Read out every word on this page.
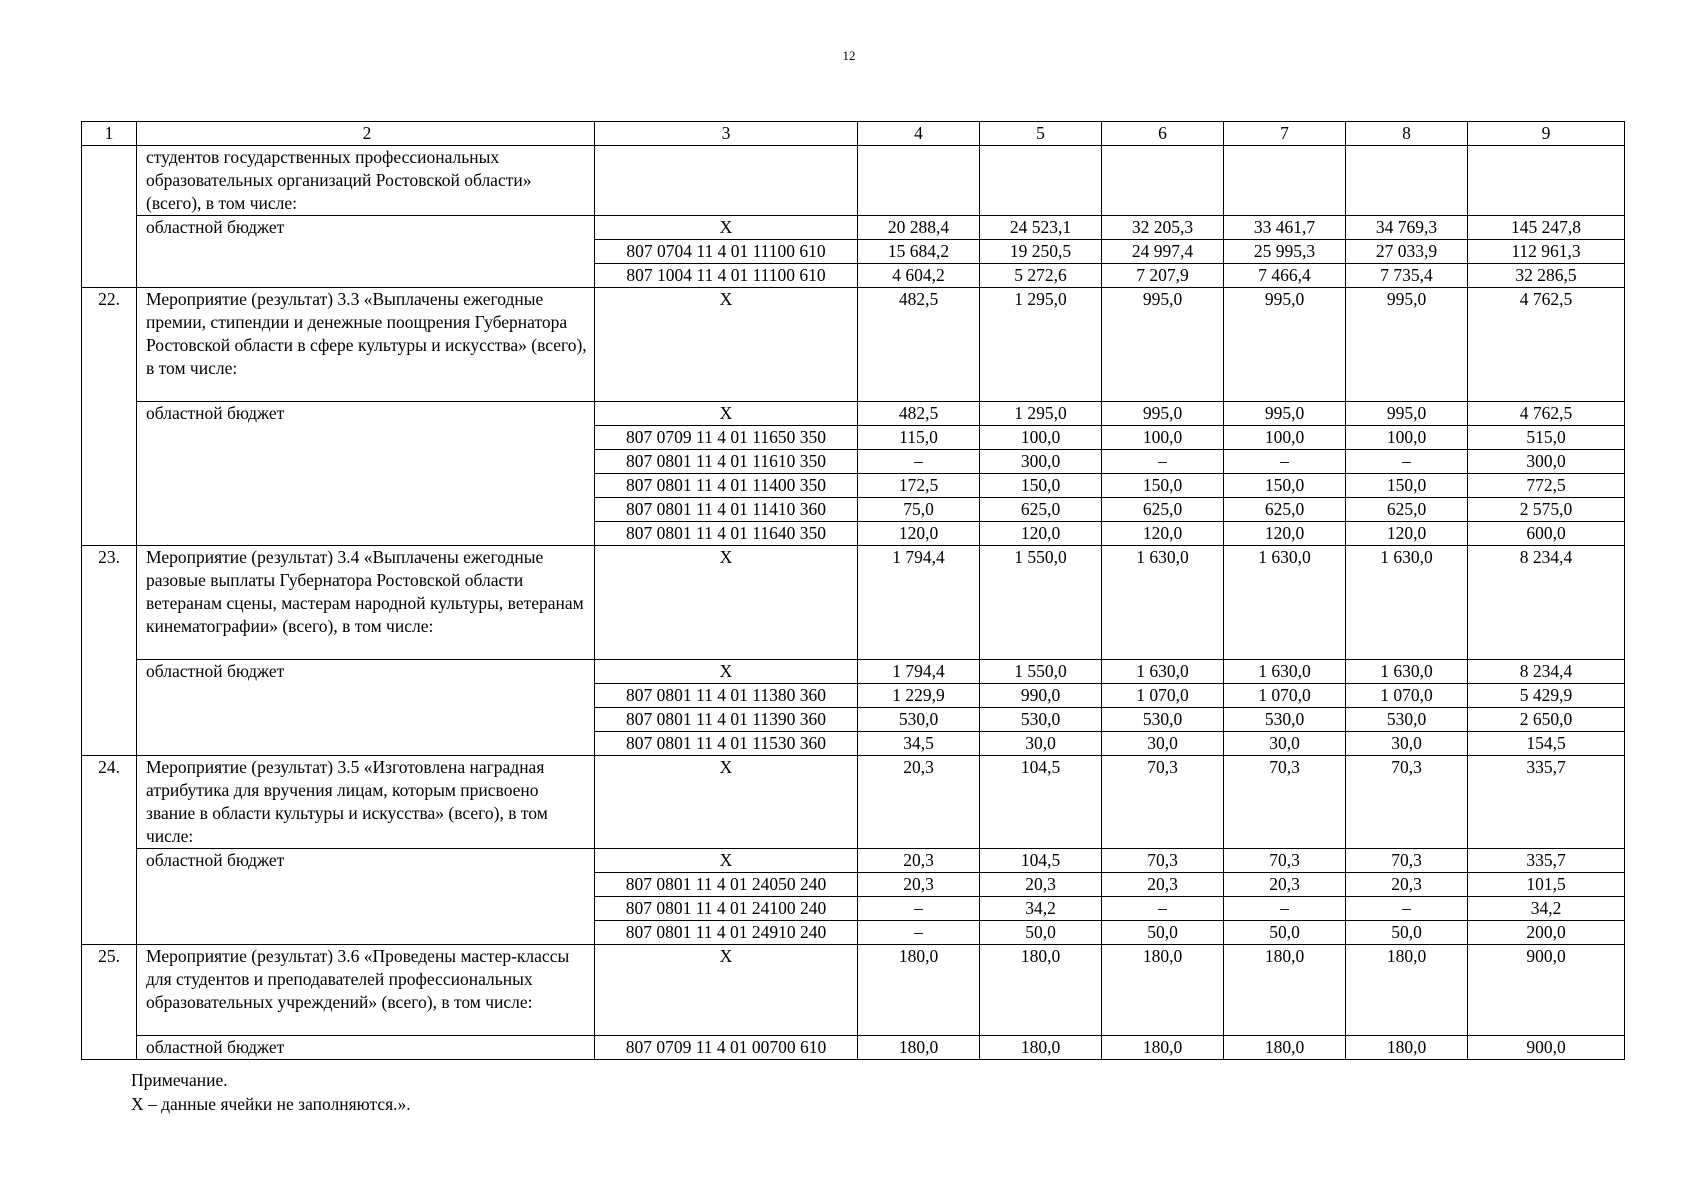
12
1	2	3	4	5	6	7	8	9
	студентов государственных профессиональных образовательных организаций Ростовской области» (всего), в том числе:							
	областной бюджет	X	20 288,4	24 523,1	32 205,3	33 461,7	34 769,3	145 247,8
		807 0704 11 4 01 11100 610	15 684,2	19 250,5	24 997,4	25 995,3	27 033,9	112 961,3
		807 1004 11 4 01 11100 610	4 604,2	5 272,6	7 207,9	7 466,4	7 735,4	32 286,5
22.	Мероприятие (результат) 3.3 «Выплачены ежегодные премии, стипендии и денежные поощрения Губернатора Ростовской области в сфере культуры и искусства» (всего), в том числе:	X	482,5	1 295,0	995,0	995,0	995,0	4 762,5
	областной бюджет	X	482,5	1 295,0	995,0	995,0	995,0	4 762,5
		807 0709 11 4 01 11650 350	115,0	100,0	100,0	100,0	100,0	515,0
		807 0801 11 4 01 11610 350	–	300,0	–	–	–	300,0
		807 0801 11 4 01 11400 350	172,5	150,0	150,0	150,0	150,0	772,5
		807 0801 11 4 01 11410 360	75,0	625,0	625,0	625,0	625,0	2 575,0
		807 0801 11 4 01 11640 350	120,0	120,0	120,0	120,0	120,0	600,0
23.	Мероприятие (результат) 3.4 «Выплачены ежегодные разовые выплаты Губернатора Ростовской области ветеранам сцены, мастерам народной культуры, ветеранам кинематографии» (всего), в том числе:	X	1 794,4	1 550,0	1 630,0	1 630,0	1 630,0	8 234,4
	областной бюджет	X	1 794,4	1 550,0	1 630,0	1 630,0	1 630,0	8 234,4
		807 0801 11 4 01 11380 360	1 229,9	990,0	1 070,0	1 070,0	1 070,0	5 429,9
		807 0801 11 4 01 11390 360	530,0	530,0	530,0	530,0	530,0	2 650,0
		807 0801 11 4 01 11530 360	34,5	30,0	30,0	30,0	30,0	154,5
24.	Мероприятие (результат) 3.5 «Изготовлена наградная атрибутика для вручения лицам, которым присвоено звание в области культуры и искусства» (всего), в том числе:	X	20,3	104,5	70,3	70,3	70,3	335,7
	областной бюджет	X	20,3	104,5	70,3	70,3	70,3	335,7
		807 0801 11 4 01 24050 240	20,3	20,3	20,3	20,3	20,3	101,5
		807 0801 11 4 01 24100 240	–	34,2	–	–	–	34,2
		807 0801 11 4 01 24910 240	–	50,0	50,0	50,0	50,0	200,0
25.	Мероприятие (результат) 3.6 «Проведены мастер-классы для студентов и преподавателей профессиональных образовательных учреждений» (всего), в том числе:	X	180,0	180,0	180,0	180,0	180,0	900,0
	областной бюджет	807 0709 11 4 01 00700 610	180,0	180,0	180,0	180,0	180,0	900,0
Примечание.
X – данные ячейки не заполняются.».
